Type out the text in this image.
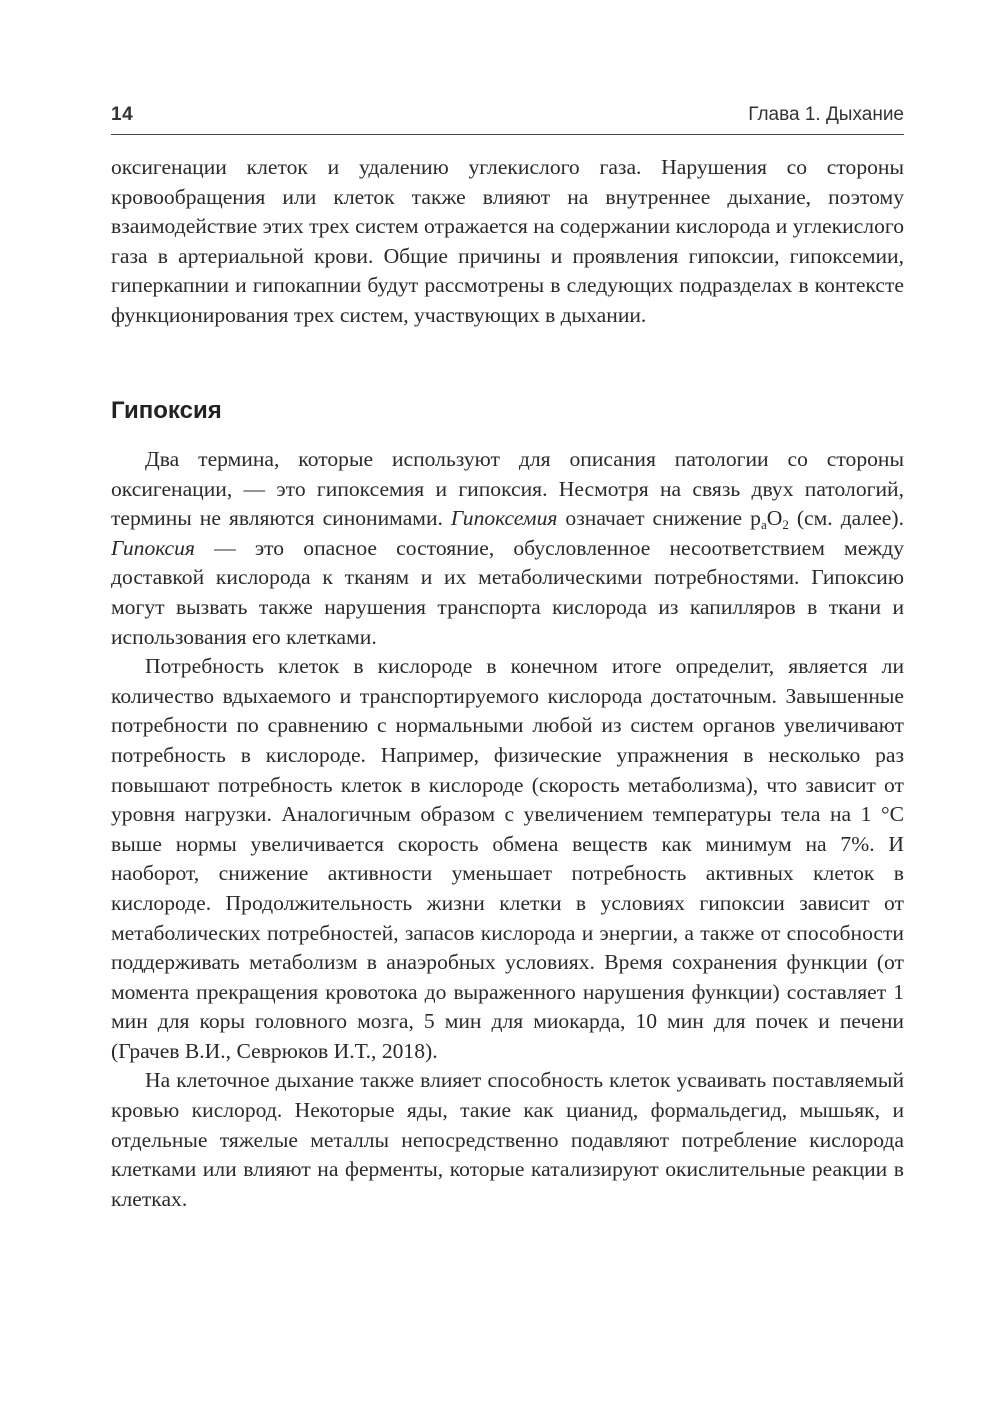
14	Глава 1. Дыхание

оксигенации клеток и удалению углекислого газа. Нарушения со стороны кровообращения или клеток также влияют на внутреннее дыхание, поэтому взаимодействие этих трех систем отражается на содержании кислорода и углекислого газа в артериальной крови. Общие причины и проявления гипоксии, гипоксемии, гиперкапнии и гипокапнии будут рассмотрены в следующих подразделах в контексте функционирования трех систем, участвующих в дыхании.

Гипоксия

Два термина, которые используют для описания патологии со стороны оксигенации, — это гипоксемия и гипоксия. Несмотря на связь двух патологий, термины не являются синонимами. Гипоксемия означает снижение $p_aO_2$ (см. далее). Гипоксия — это опасное состояние, обусловленное несоответствием между доставкой кислорода к тканям и их метаболическими потребностями. Гипоксию могут вызвать также нарушения транспорта кислорода из капилляров в ткани и использования его клетками.

Потребность клеток в кислороде в конечном итоге определит, является ли количество вдыхаемого и транспортируемого кислорода достаточным. Завышенные потребности по сравнению с нормальными любой из систем органов увеличивают потребность в кислороде. Например, физические упражнения в несколько раз повышают потребность клеток в кислороде (скорость метаболизма), что зависит от уровня нагрузки. Аналогичным образом с увеличением температуры тела на 1 °С выше нормы увеличивается скорость обмена веществ как минимум на 7%. И наоборот, снижение активности уменьшает потребность активных клеток в кислороде. Продолжительность жизни клетки в условиях гипоксии зависит от метаболических потребностей, запасов кислорода и энергии, а также от способности поддерживать метаболизм в анаэробных условиях. Время сохранения функции (от момента прекращения кровотока до выраженного нарушения функции) составляет 1 мин для коры головного мозга, 5 мин для миокарда, 10 мин для почек и печени (Грачев В.И., Севрюков И.Т., 2018).

На клеточное дыхание также влияет способность клеток усваивать поставляемый кровью кислород. Некоторые яды, такие как цианид, формальдегид, мышьяк, и отдельные тяжелые металлы непосредственно подавляют потребление кислорода клетками или влияют на ферменты, которые катализируют окислительные реакции в клетках.
